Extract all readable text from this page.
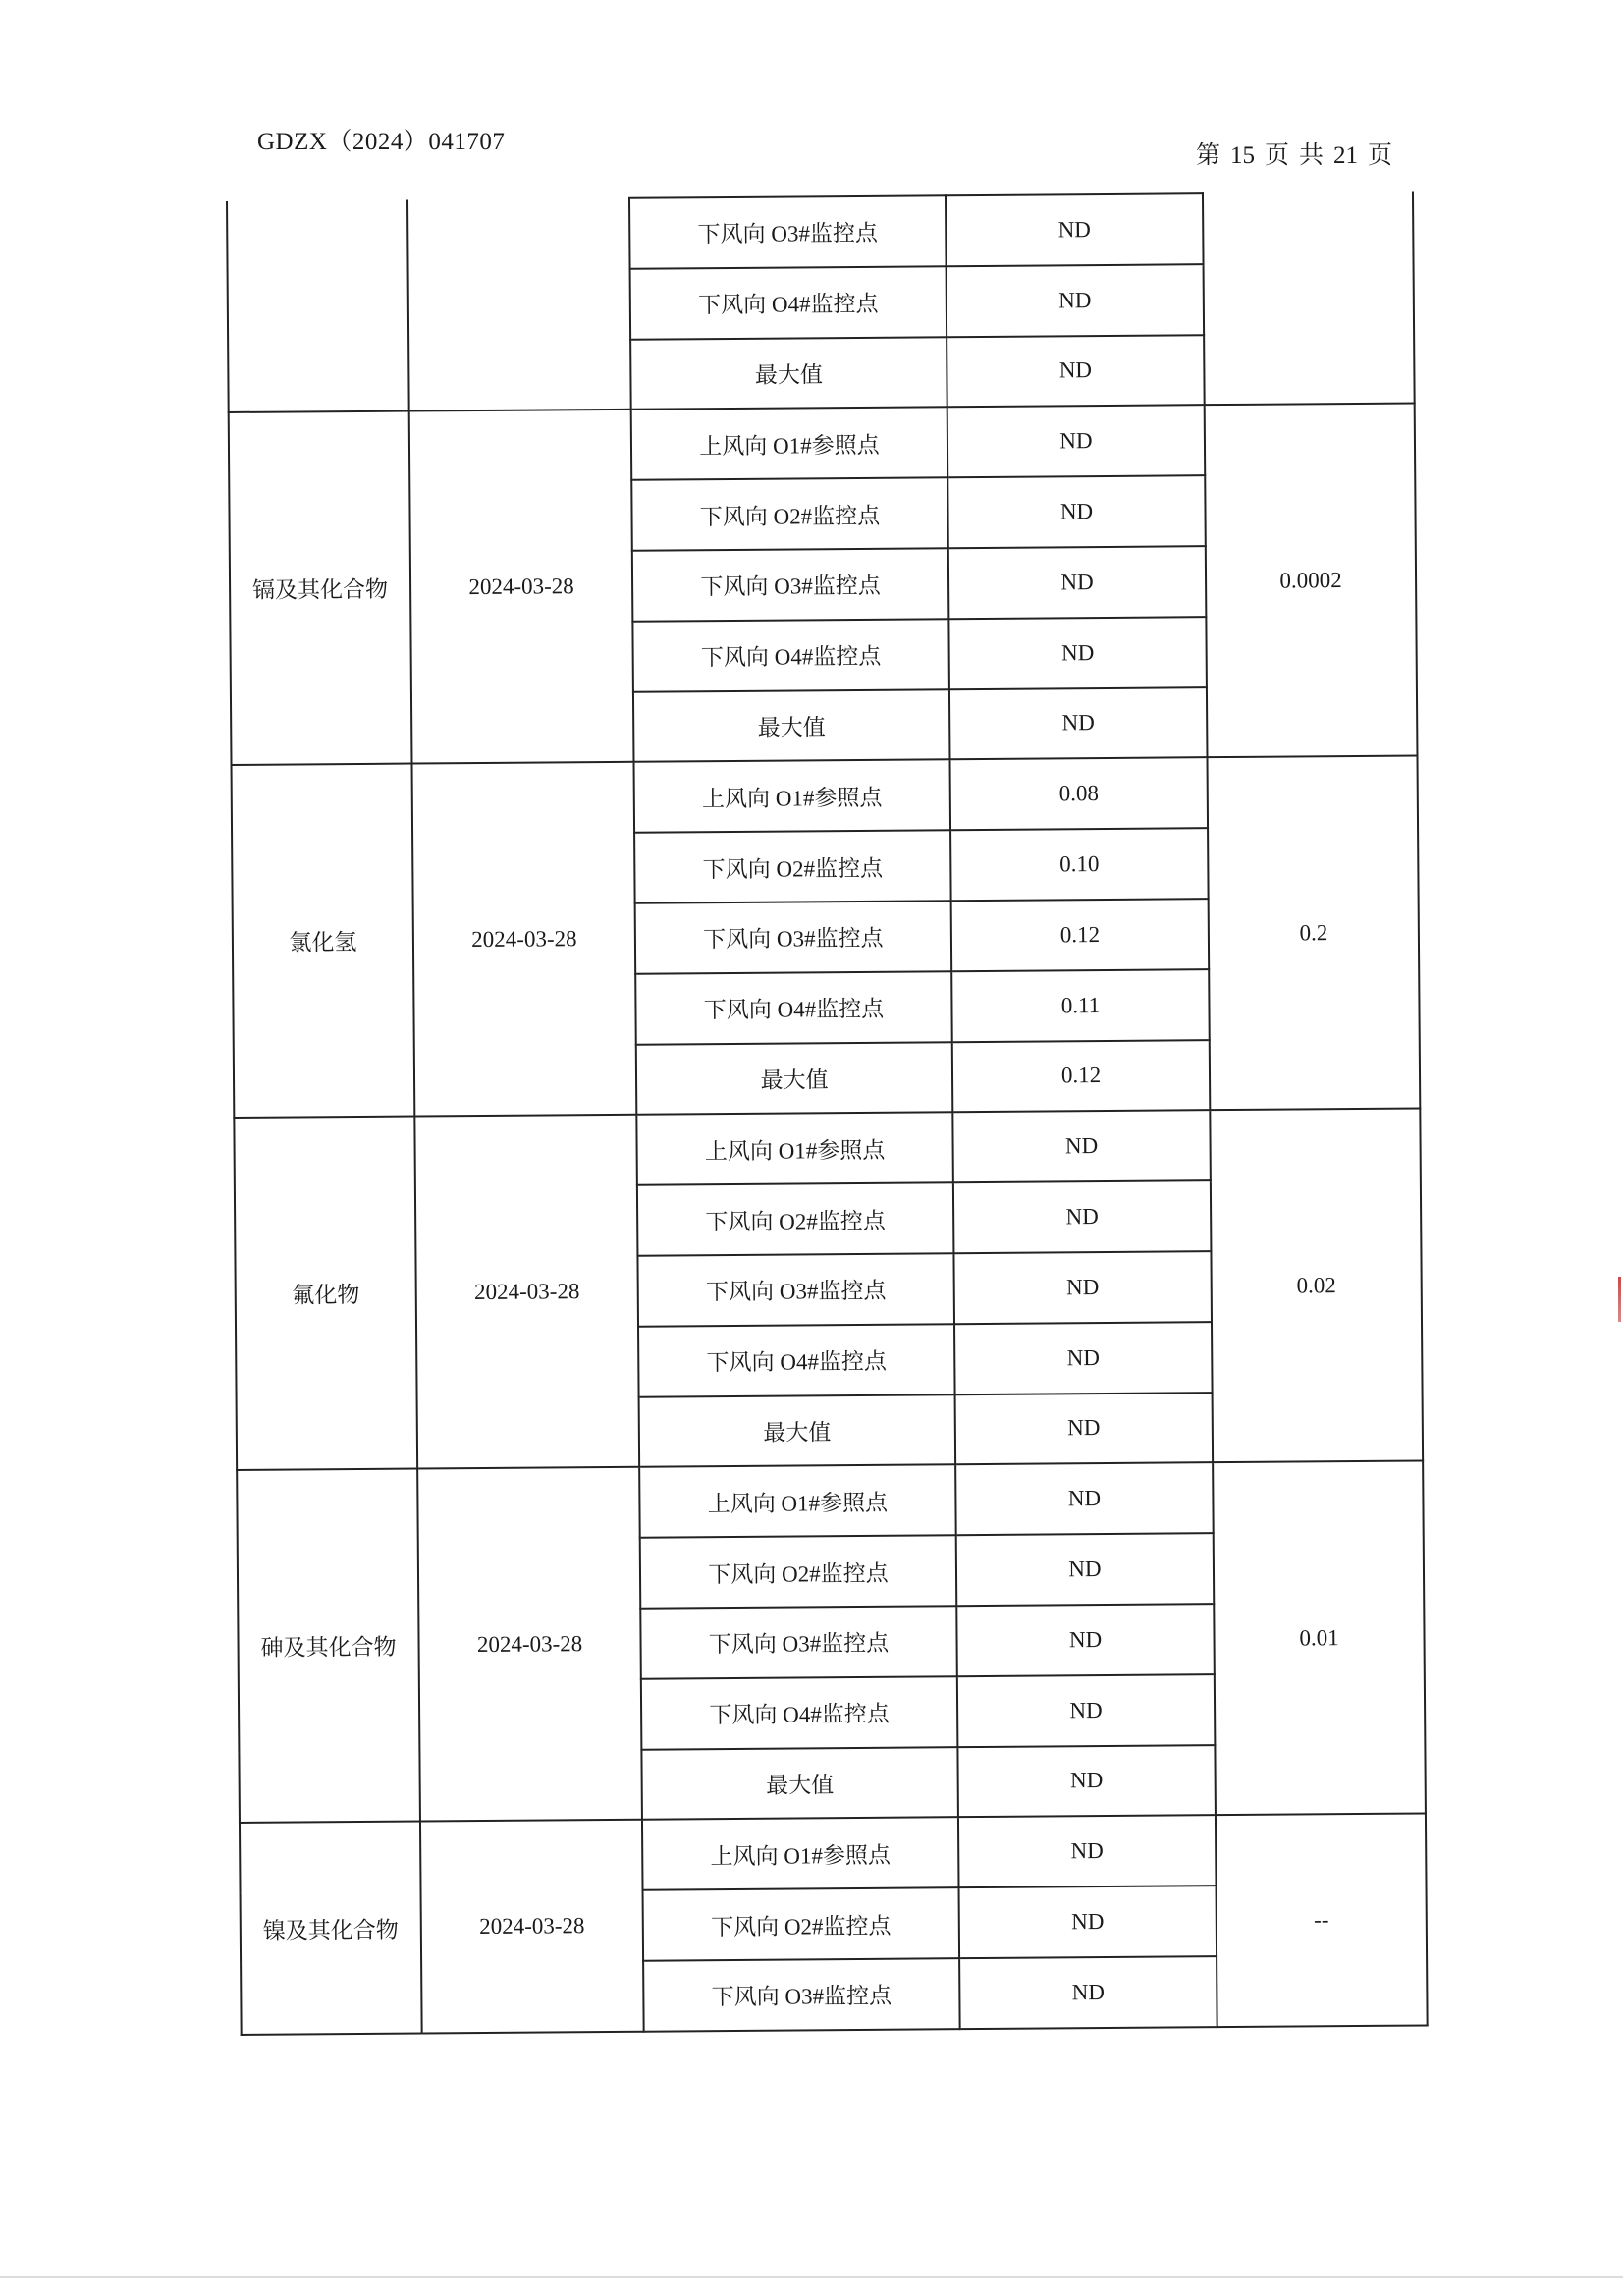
GDZX（2024）041707
第 15 页 共 21 页
		下风向 O3#监控点	ND	
		下风向 O4#监控点	ND	
		最大值	ND	
镉及其化合物	2024-03-28	上风向 O1#参照点	ND	0.0002
		下风向 O2#监控点	ND	
		下风向 O3#监控点	ND	
		下风向 O4#监控点	ND	
		最大值	ND	
氯化氢	2024-03-28	上风向 O1#参照点	0.08	0.2
		下风向 O2#监控点	0.10	
		下风向 O3#监控点	0.12	
		下风向 O4#监控点	0.11	
		最大值	0.12	
氟化物	2024-03-28	上风向 O1#参照点	ND	0.02
		下风向 O2#监控点	ND	
		下风向 O3#监控点	ND	
		下风向 O4#监控点	ND	
		最大值	ND	
砷及其化合物	2024-03-28	上风向 O1#参照点	ND	0.01
		下风向 O2#监控点	ND	
		下风向 O3#监控点	ND	
		下风向 O4#监控点	ND	
		最大值	ND	
镍及其化合物	2024-03-28	上风向 O1#参照点	ND	--
		下风向 O2#监控点	ND	
		下风向 O3#监控点	ND	
